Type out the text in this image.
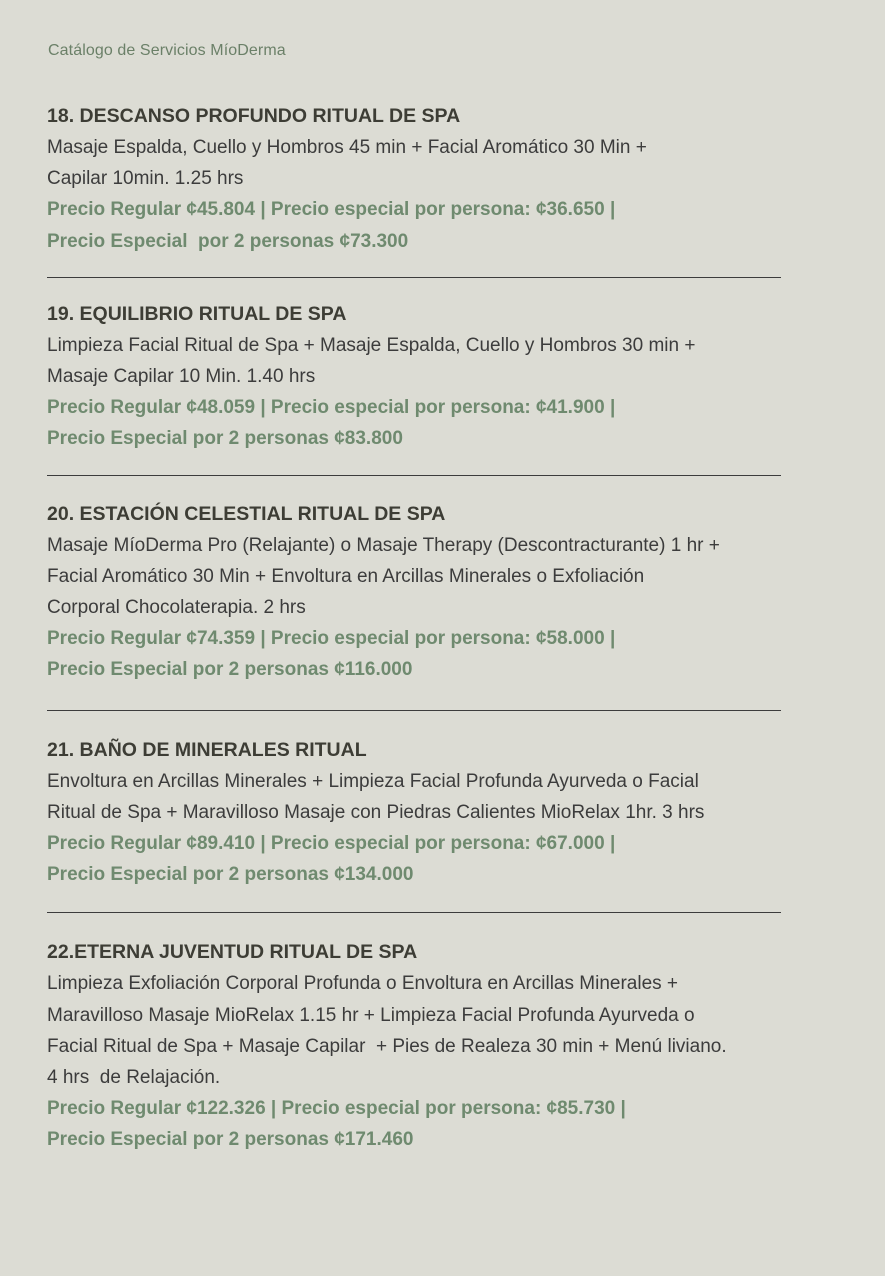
Catálogo de Servicios MíoDerma

18. DESCANSO PROFUNDO RITUAL DE SPA

Masaje Espalda, Cuello y Hombros 45 min + Facial Aromático 30 Min +

Capilar 10min. 1.25 hrs

Precio Regular ¢45.804 | Precio especial por persona: ¢36.650 |

Precio Especial  por 2 personas ¢73.300

19. EQUILIBRIO RITUAL DE SPA

Limpieza Facial Ritual de Spa + Masaje Espalda, Cuello y Hombros 30 min +

Masaje Capilar 10 Min. 1.40 hrs

Precio Regular ¢48.059 | Precio especial por persona: ¢41.900 |

Precio Especial por 2 personas ¢83.800

20. ESTACIÓN CELESTIAL RITUAL DE SPA

Masaje MíoDerma Pro (Relajante) o Masaje Therapy (Descontracturante) 1 hr +

Facial Aromático 30 Min + Envoltura en Arcillas Minerales o Exfoliación

Corporal Chocolaterapia. 2 hrs

Precio Regular ¢74.359 | Precio especial por persona: ¢58.000 |

Precio Especial por 2 personas ¢116.000

21. BAÑO DE MINERALES RITUAL

Envoltura en Arcillas Minerales + Limpieza Facial Profunda Ayurveda o Facial

Ritual de Spa + Maravilloso Masaje con Piedras Calientes MioRelax 1hr. 3 hrs

Precio Regular ¢89.410 | Precio especial por persona: ¢67.000 |

Precio Especial por 2 personas ¢134.000

22.ETERNA JUVENTUD RITUAL DE SPA

Limpieza Exfoliación Corporal Profunda o Envoltura en Arcillas Minerales +

Maravilloso Masaje MioRelax 1.15 hr + Limpieza Facial Profunda Ayurveda o

Facial Ritual de Spa + Masaje Capilar  + Pies de Realeza 30 min + Menú liviano.

4 hrs  de Relajación.

Precio Regular ¢122.326 | Precio especial por persona: ¢85.730 |

Precio Especial por 2 personas ¢171.460
